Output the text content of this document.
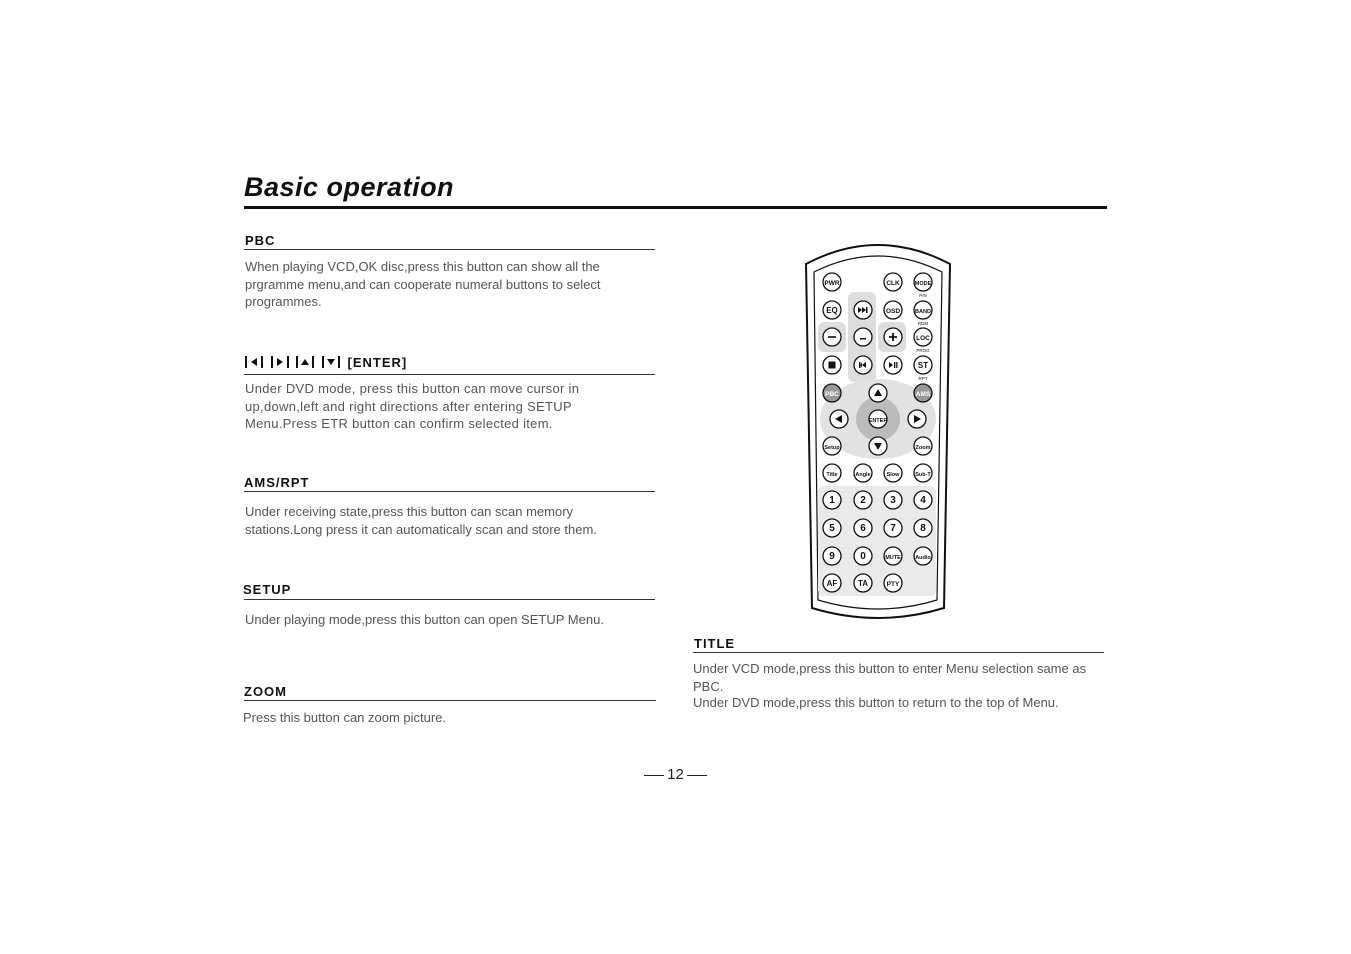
Basic operation
PBC

When playing VCD,OK disc,press this button can show all the prgramme menu,and can cooperate numeral buttons to select programmes.

[ENTER]

Under DVD mode, press this button can move cursor in up,down,left and right directions after entering SETUP Menu.Press ETR button can confirm selected item.

AMS/RPT

Under receiving state,press this button can scan memory stations.Long press it can automatically scan and store them.

SETUP

Under playing mode,press this button can open SETUP Menu.

ZOOM

Press this button can zoom picture.

TITLE

Under VCD mode,press this button to enter Menu selection same as PBC.

Under DVD mode,press this button to return to the top of Menu.

PWR	CLK	MODE
P/N
EQ	OSD	BAND
RDM
LOC
PROG
ST
RPT
PBC	AMS
ENTER
Setup	Zoom
Title	Angle	Slow	Sub-T
1	2 3 4
5	6 7 8
9	0	MUTE	Audio
AF	TA	PTY
12
